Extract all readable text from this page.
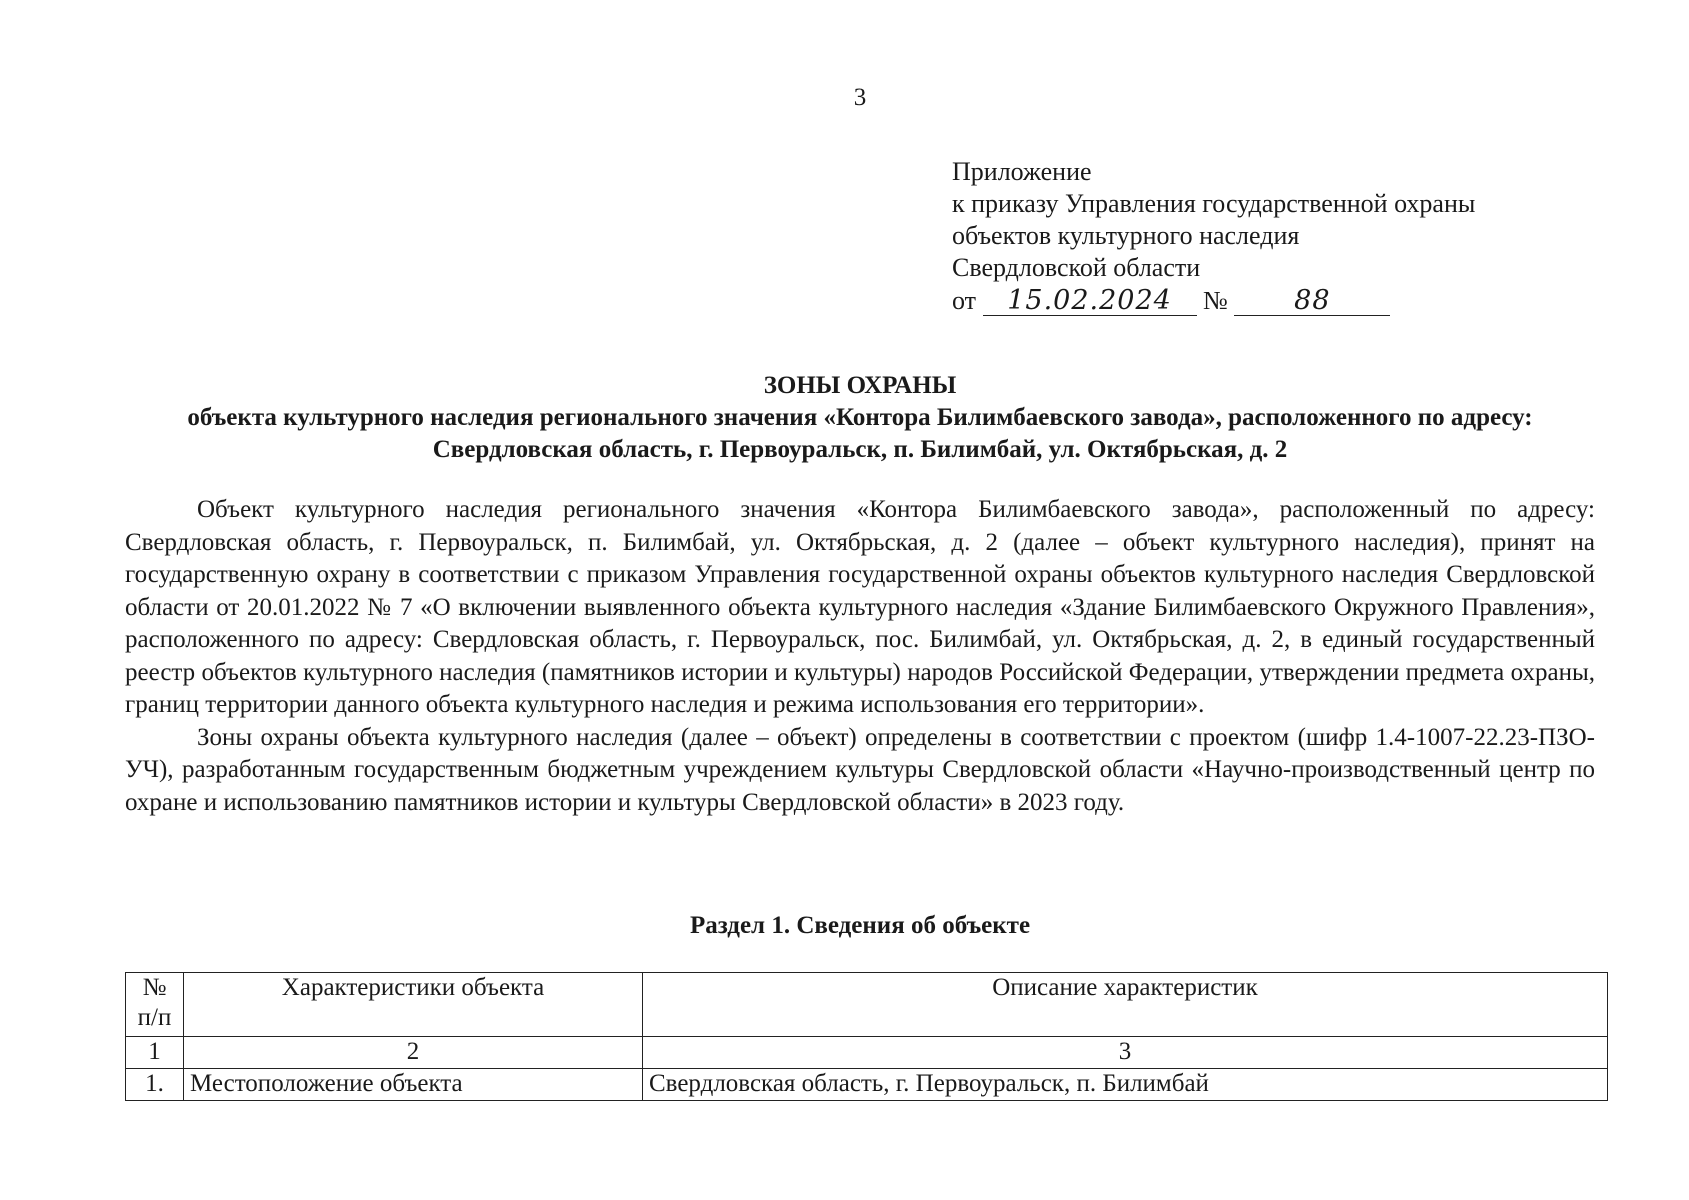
3
Приложение
к приказу Управления государственной охраны
объектов культурного наследия
Свердловской области
от 15.02.2024 № 88
ЗОНЫ ОХРАНЫ
объекта культурного наследия регионального значения «Контора Билимбаевского завода», расположенного по адресу: Свердловская область, г. Первоуральск, п. Билимбай, ул. Октябрьская, д. 2

Объект культурного наследия регионального значения «Контора Билимбаевского завода», расположенный по адресу: Свердловская область, г. Первоуральск, п. Билимбай, ул. Октябрьская, д. 2 (далее – объект культурного наследия), принят на государственную охрану в соответствии с приказом Управления государственной охраны объектов культурного наследия Свердловской области от 20.01.2022 № 7 «О включении выявленного объекта культурного наследия «Здание Билимбаевского Окружного Правления», расположенного по адресу: Свердловская область, г. Первоуральск, пос. Билимбай, ул. Октябрьская, д. 2, в единый государственный реестр объектов культурного наследия (памятников истории и культуры) народов Российской Федерации, утверждении предмета охраны, границ территории данного объекта культурного наследия и режима использования его территории».

Зоны охраны объекта культурного наследия (далее – объект) определены в соответствии с проектом (шифр 1.4-1007-22.23-ПЗО-УЧ), разработанным государственным бюджетным учреждением культуры Свердловской области «Научно-производственный центр по охране и использованию памятников истории и культуры Свердловской области» в 2023 году.

Раздел 1. Сведения об объекте
№ п/п	Характеристики объекта	Описание характеристик
1	2	3
1.	Местоположение объекта	Свердловская область, г. Первоуральск, п. Билимбай
